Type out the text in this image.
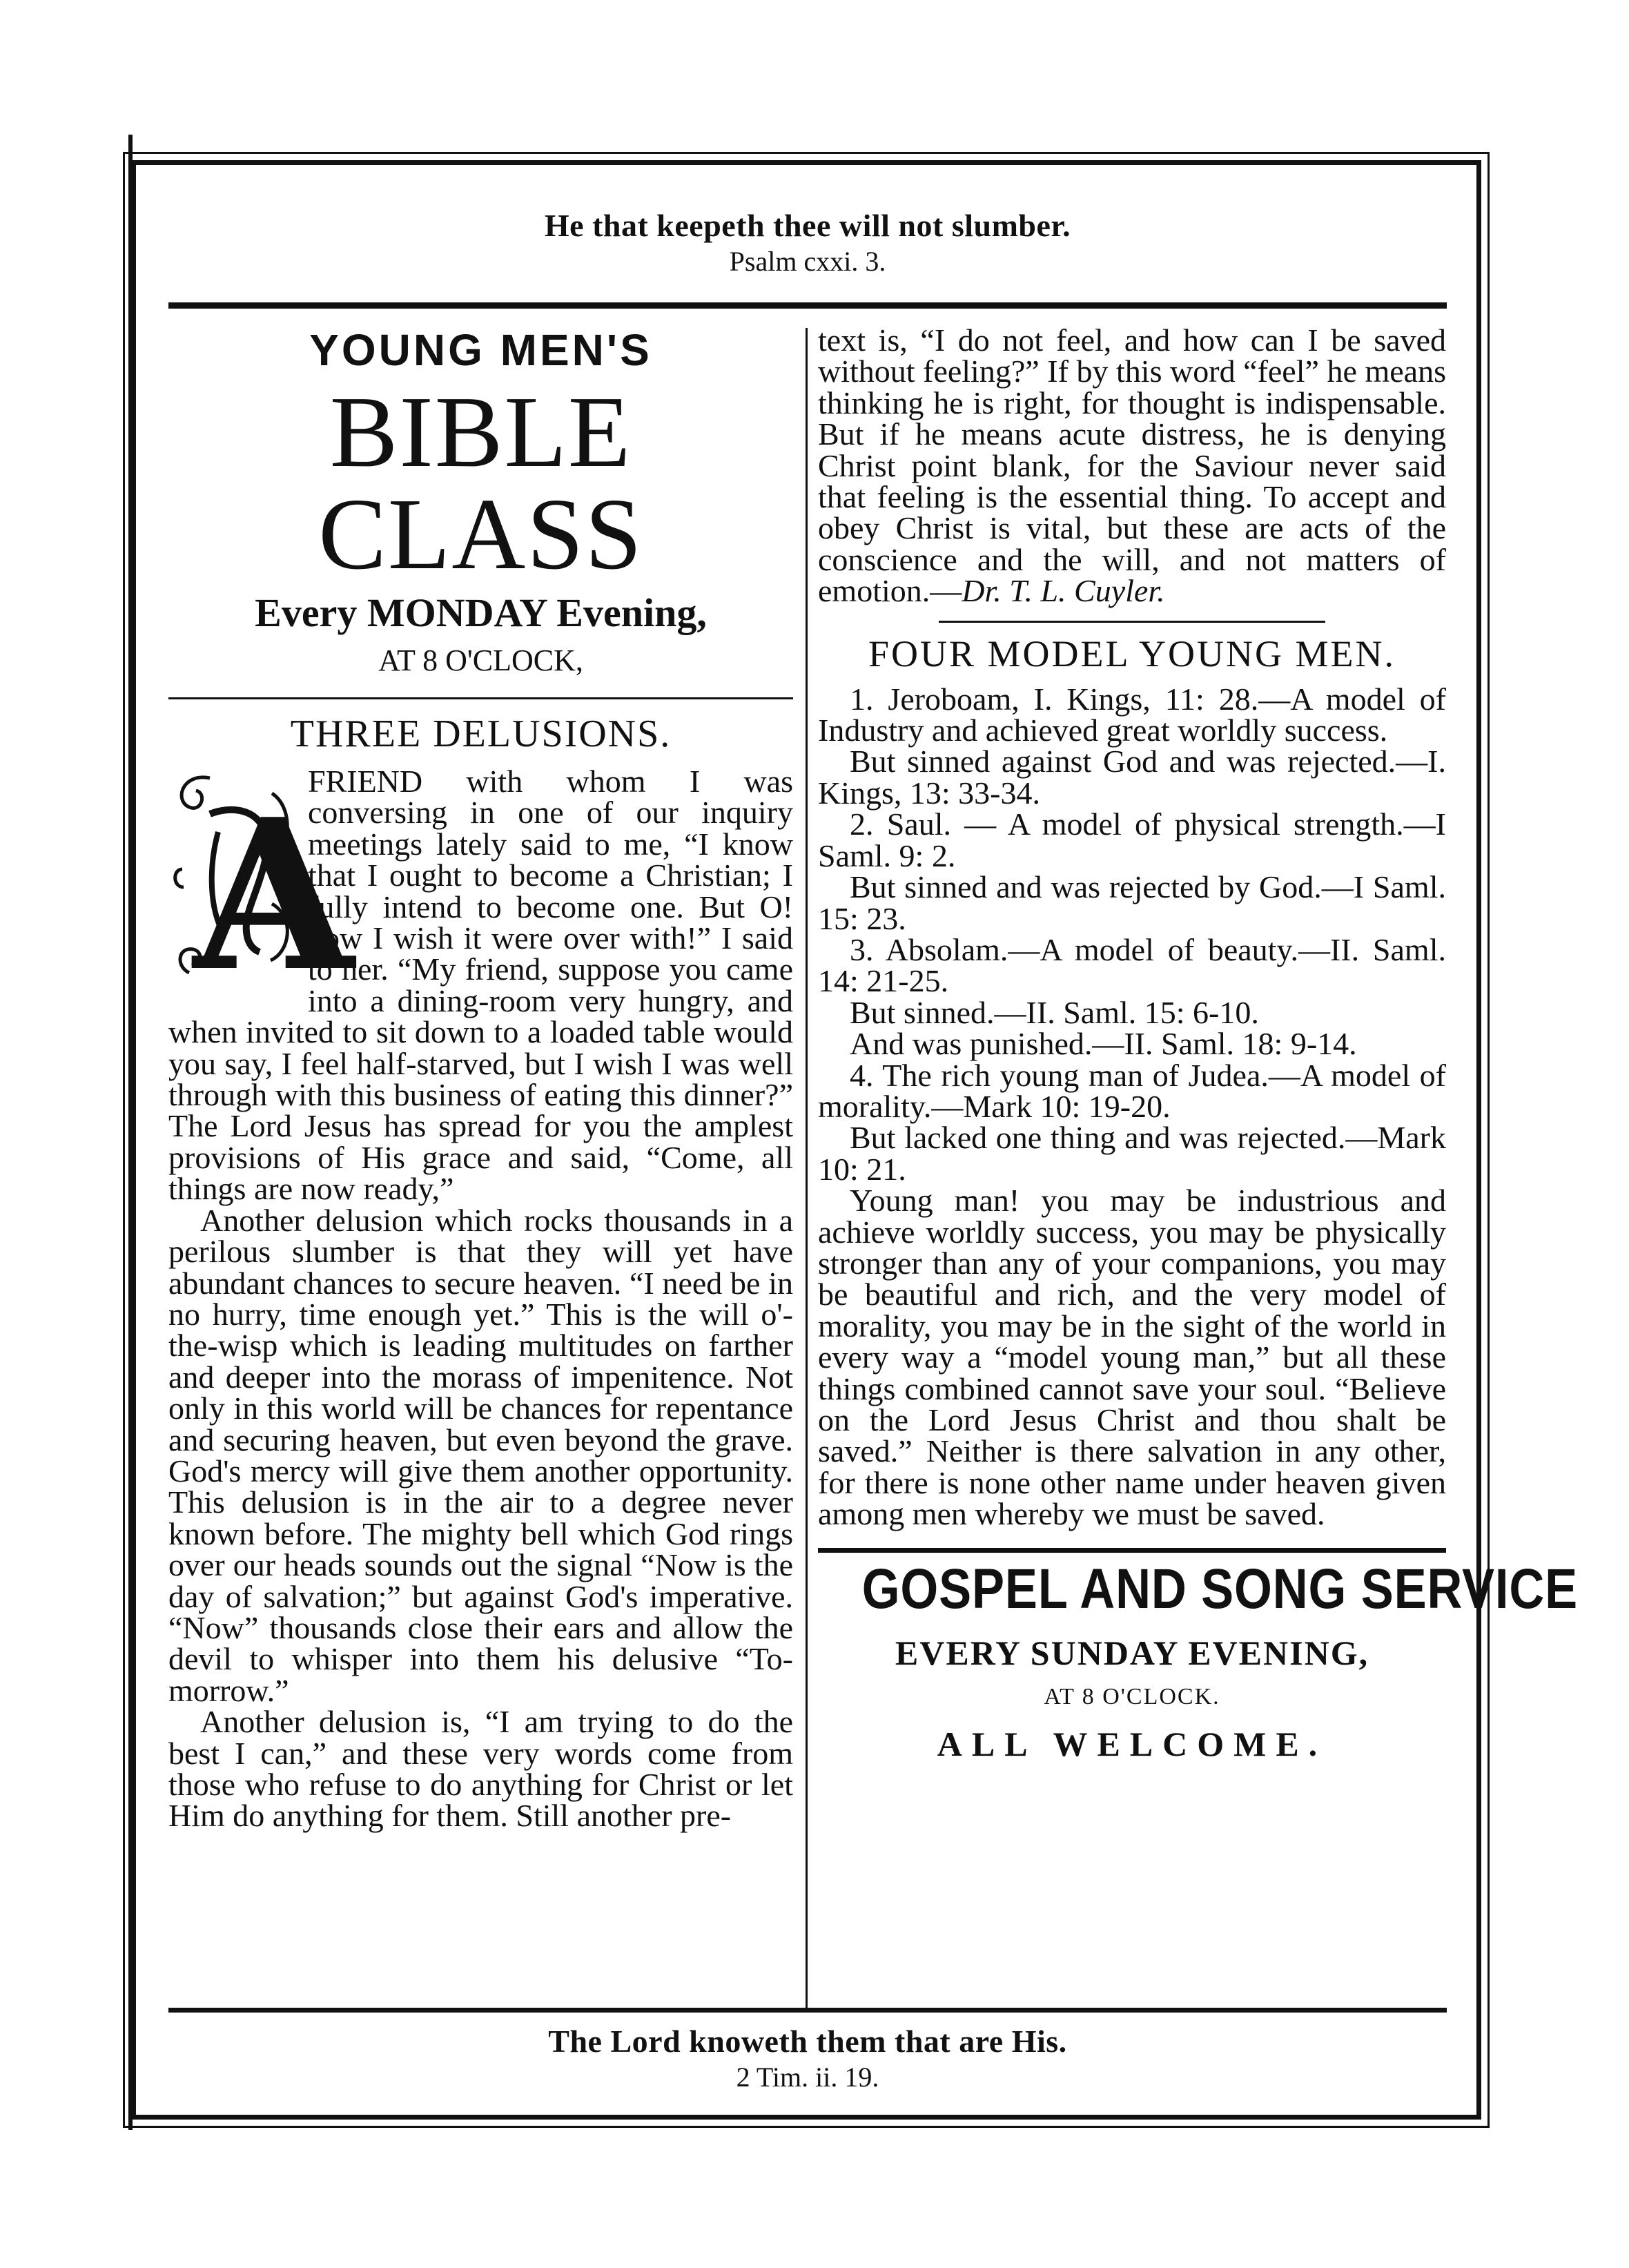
He that keepeth thee will not slumber.
Psalm cxxi. 3.
YOUNG MEN'S
BIBLE CLASS
Every MONDAY Evening,
AT 8 O'CLOCK,
THREE DELUSIONS.
A

FRIEND with whom I was conversing in one of our inquiry meetings lately said to me, “I know that I ought to become a Christian; I fully intend to become one. But O! how I wish it were over with!” I said to her. “My friend, suppose you came into a dining-room very hungry, and when invited to sit down to a loaded table would you say, I feel half-starved, but I wish I was well through with this business of eating this dinner?” The Lord Jesus has spread for you the amplest provisions of His grace and said, “Come, all things are now ready,”

Another delusion which rocks thousands in a perilous slumber is that they will yet have abundant chances to secure heaven. “I need be in no hurry, time enough yet.” This is the will o'-the-wisp which is leading multitudes on farther and deeper into the morass of impenitence. Not only in this world will be chances for repentance and securing heaven, but even beyond the grave. God's mercy will give them another opportunity. This delusion is in the air to a degree never known before. The mighty bell which God rings over our heads sounds out the signal “Now is the day of salvation;” but against God's imperative. “Now” thousands close their ears and allow the devil to whisper into them his delusive “To-morrow.”

Another delusion is, “I am trying to do the best I can,” and these very words come from those who refuse to do anything for Christ or let Him do anything for them. Still another pre-

text is, “I do not feel, and how can I be saved without feeling?” If by this word “feel” he means thinking he is right, for thought is indispensable. But if he means acute distress, he is denying Christ point blank, for the Saviour never said that feeling is the essential thing. To accept and obey Christ is vital, but these are acts of the conscience and the will, and not matters of emotion.—Dr. T. L. Cuyler.

FOUR MODEL YOUNG MEN.

1. Jeroboam, I. Kings, 11: 28.—A model of Industry and achieved great worldly success.

But sinned against God and was rejected.—I. Kings, 13: 33-34.

2. Saul. — A model of physical strength.—I Saml. 9: 2.

But sinned and was rejected by God.—I Saml. 15: 23.

3. Absolam.—A model of beauty.—II. Saml. 14: 21-25.

But sinned.—II. Saml. 15: 6-10.

And was punished.—II. Saml. 18: 9-14.

4. The rich young man of Judea.—A model of morality.—Mark 10: 19-20.

But lacked one thing and was rejected.—Mark 10: 21.

Young man! you may be industrious and achieve worldly success, you may be physically stronger than any of your companions, you may be beautiful and rich, and the very model of morality, you may be in the sight of the world in every way a “model young man,” but all these things combined cannot save your soul. “Believe on the Lord Jesus Christ and thou shalt be saved.” Neither is there salvation in any other, for there is none other name under heaven given among men whereby we must be saved.

GOSPEL AND SONG SERVICE
EVERY SUNDAY EVENING,
AT 8 O'CLOCK.
ALL WELCOME.
The Lord knoweth them that are His.
2 Tim. ii. 19.
